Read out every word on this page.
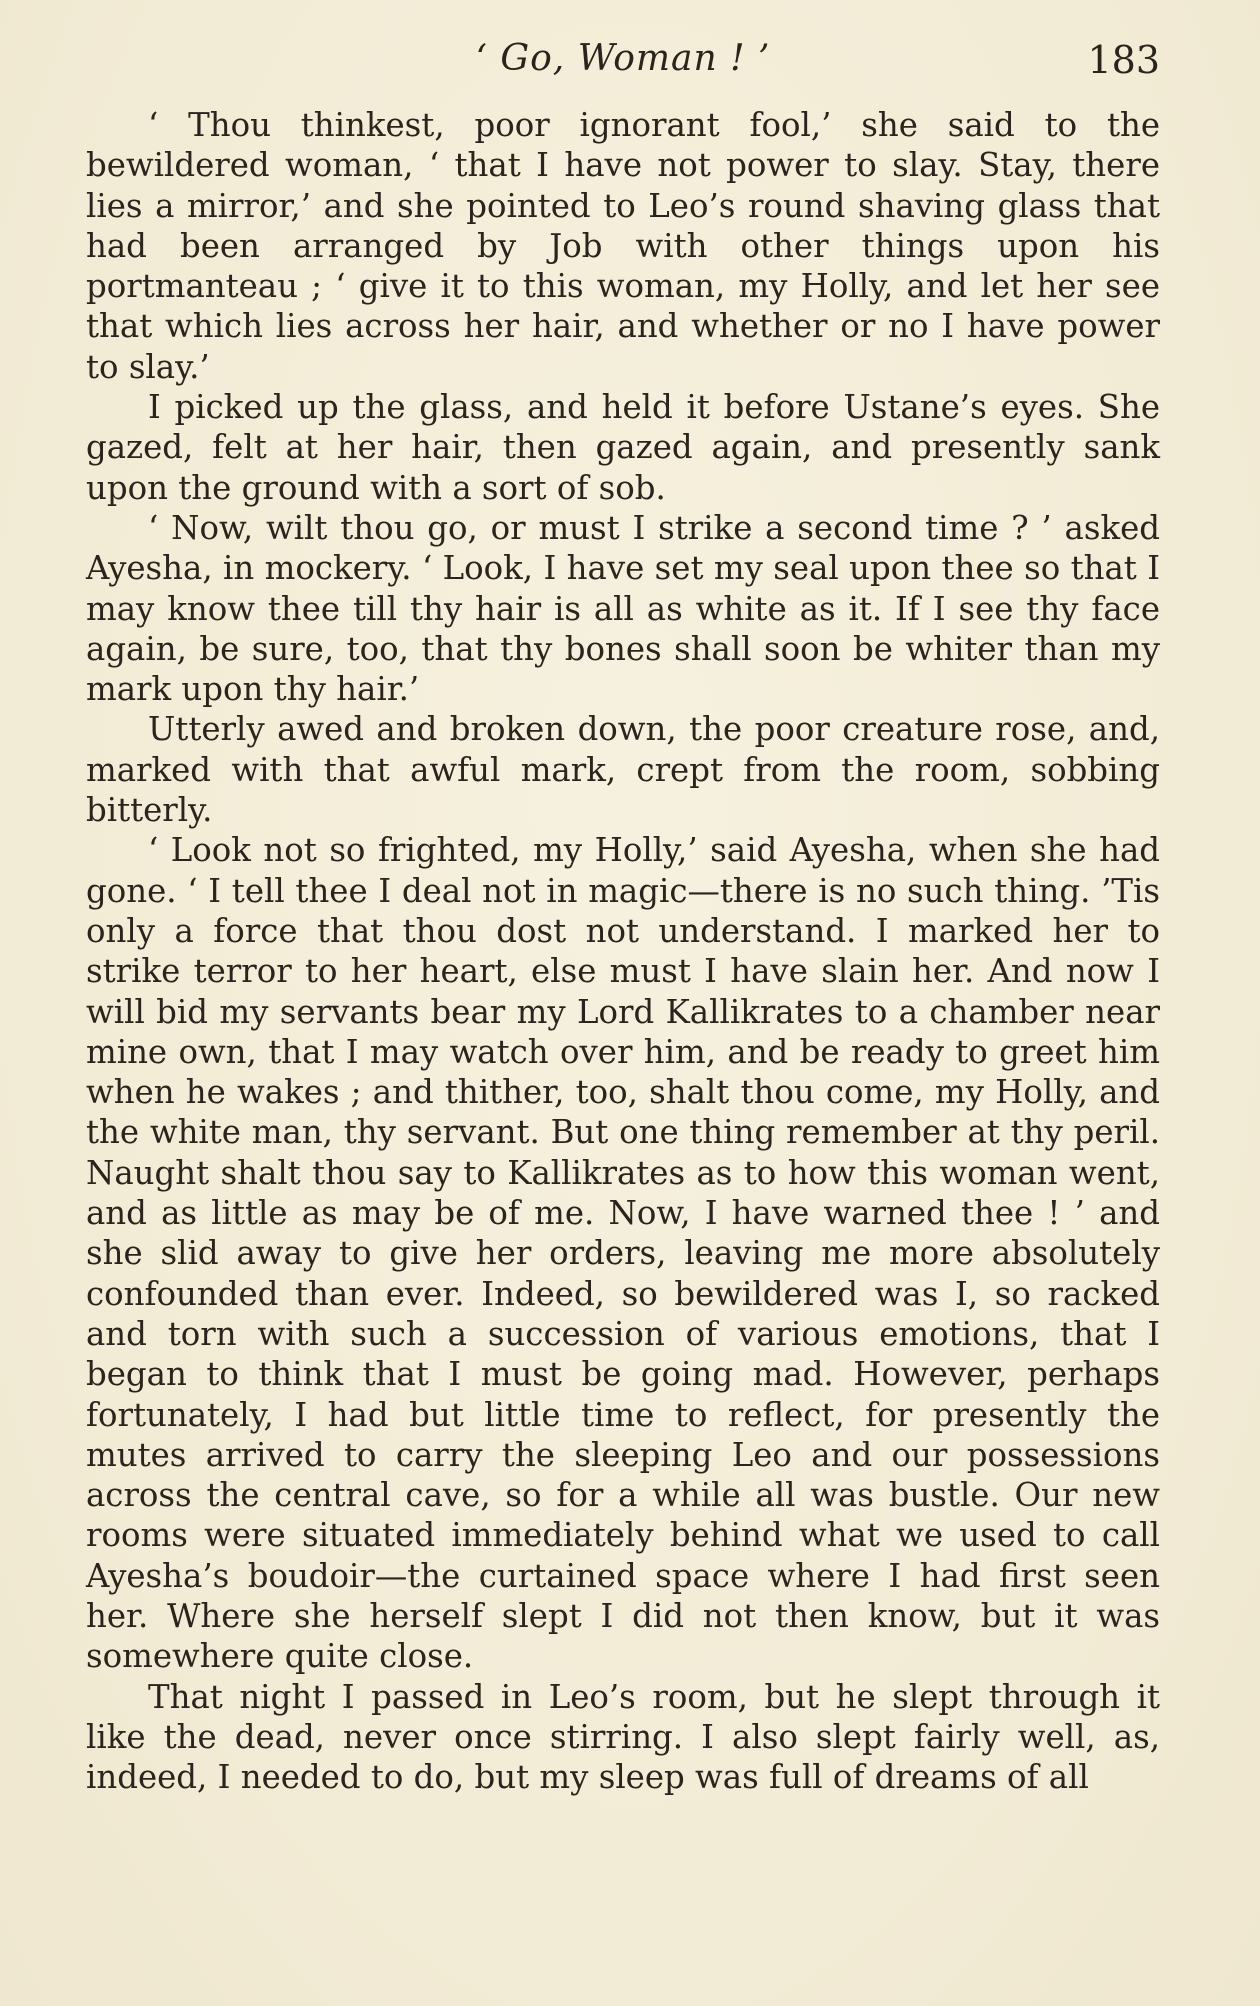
‘ Go, Woman ! ’	183

‘ Thou thinkest, poor ignorant fool,’ she said to the bewildered woman, ‘ that I have not power to slay. Stay, there lies a mirror,’ and she pointed to Leo’s round shaving glass that had been arranged by Job with other things upon his portmanteau ; ‘ give it to this woman, my Holly, and let her see that which lies across her hair, and whether or no I have power to slay.’

I picked up the glass, and held it before Ustane’s eyes. She gazed, felt at her hair, then gazed again, and presently sank upon the ground with a sort of sob.

‘ Now, wilt thou go, or must I strike a second time ? ’ asked Ayesha, in mockery. ‘ Look, I have set my seal upon thee so that I may know thee till thy hair is all as white as it. If I see thy face again, be sure, too, that thy bones shall soon be whiter than my mark upon thy hair.’

Utterly awed and broken down, the poor creature rose, and, marked with that awful mark, crept from the room, sobbing bitterly.

‘ Look not so frighted, my Holly,’ said Ayesha, when she had gone. ‘ I tell thee I deal not in magic—there is no such thing. ’Tis only a force that thou dost not understand. I marked her to strike terror to her heart, else must I have slain her. And now I will bid my servants bear my Lord Kallikrates to a chamber near mine own, that I may watch over him, and be ready to greet him when he wakes ; and thither, too, shalt thou come, my Holly, and the white man, thy servant. But one thing remember at thy peril. Naught shalt thou say to Kallikrates as to how this woman went, and as little as may be of me. Now, I have warned thee ! ’ and she slid away to give her orders, leaving me more absolutely confounded than ever. Indeed, so bewildered was I, so racked and torn with such a succession of various emotions, that I began to think that I must be going mad. However, perhaps fortunately, I had but little time to reflect, for presently the mutes arrived to carry the sleeping Leo and our possessions across the central cave, so for a while all was bustle. Our new rooms were situated immediately behind what we used to call Ayesha’s boudoir—the curtained space where I had first seen her. Where she herself slept I did not then know, but it was somewhere quite close.

That night I passed in Leo’s room, but he slept through it like the dead, never once stirring. I also slept fairly well, as, indeed, I needed to do, but my sleep was full of dreams of all
